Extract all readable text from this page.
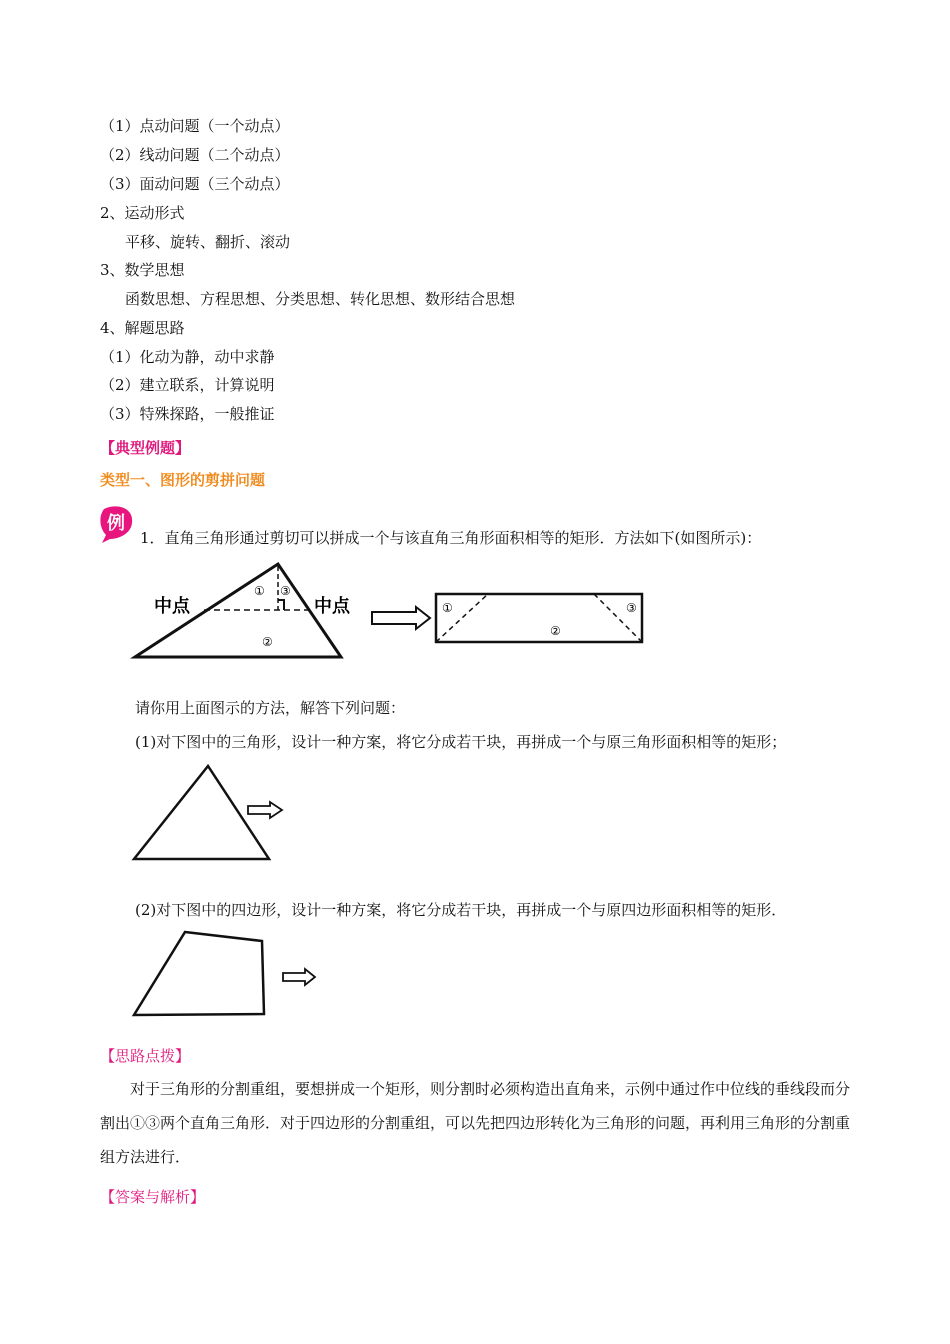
（1）点动问题（一个动点）
（2）线动问题（二个动点）
（3）面动问题（三个动点）
2、运动形式
平移、旋转、翻折、滚动
3、数学思想
函数思想、方程思想、分类思想、转化思想、数形结合思想
4、解题思路
（1）化动为静，动中求静
（2）建立联系，计算说明
（3）特殊探路，一般推证
【典型例题】
类型一、图形的剪拼问题
例
1．直角三角形通过剪切可以拼成一个与该直角三角形面积相等的矩形．方法如下(如图所示)：
中点	中点
① ③
②
①	③
②
请你用上面图示的方法，解答下列问题：
(1)对下图中的三角形，设计一种方案，将它分成若干块，再拼成一个与原三角形面积相等的矩形；
(2)对下图中的四边形，设计一种方案，将它分成若干块，再拼成一个与原四边形面积相等的矩形．
【思路点拨】
对于三角形的分割重组，要想拼成一个矩形，则分割时必须构造出直角来，示例中通过作中位线的垂线段而分割出①③两个直角三角形．对于四边形的分割重组，可以先把四边形转化为三角形的问题，再利用三角形的分割重组方法进行．
【答案与解析】
